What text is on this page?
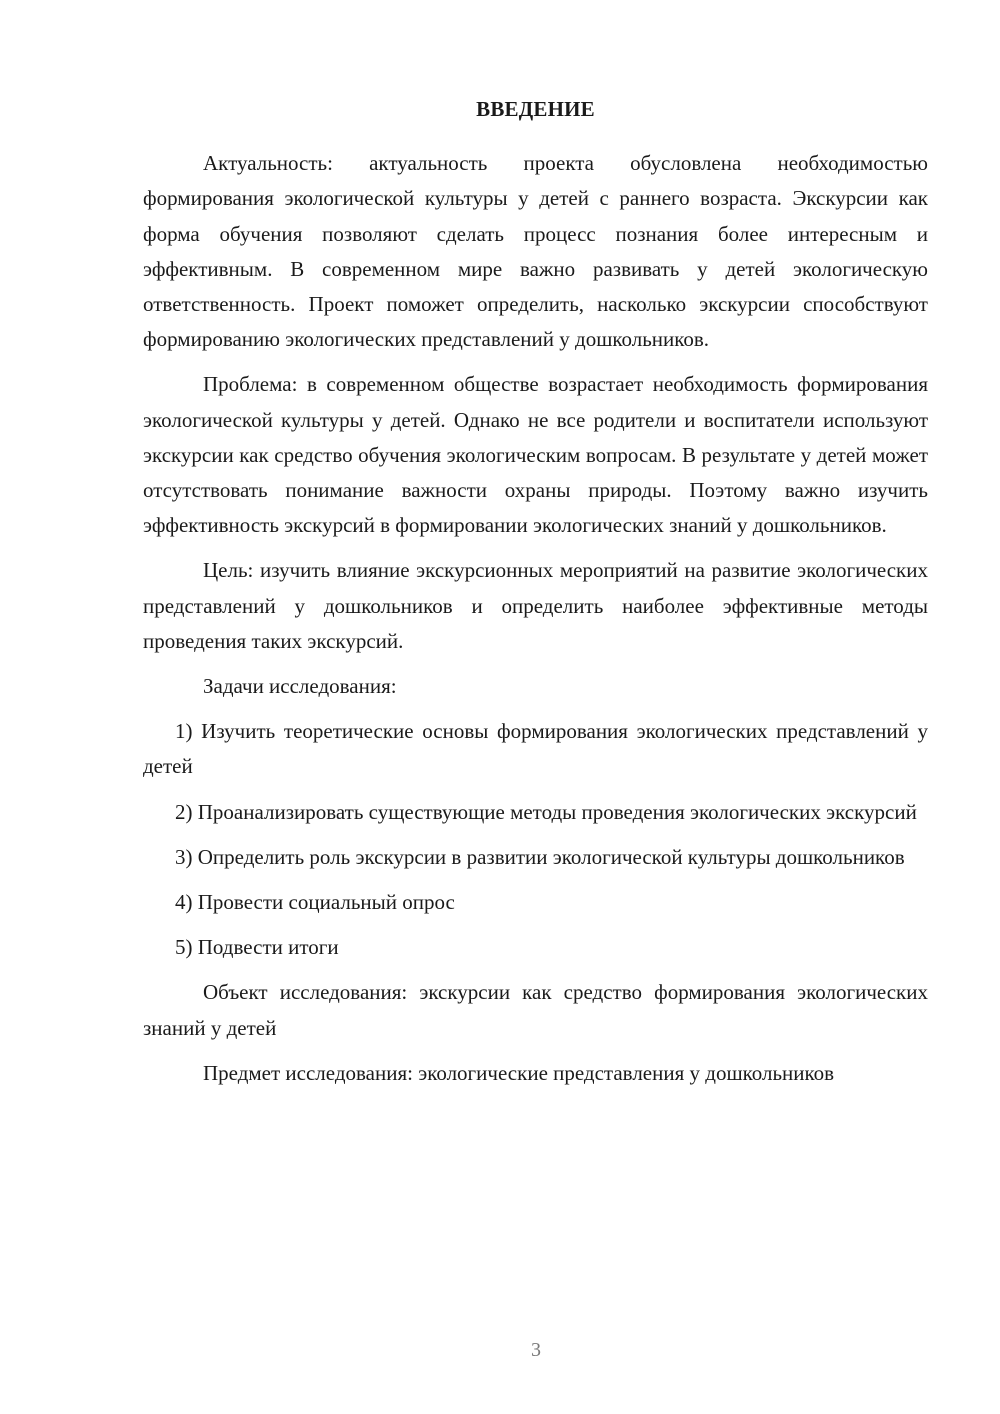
ВВЕДЕНИЕ

Актуальность: актуальность проекта обусловлена необходимостью формирования экологической культуры у детей с раннего возраста. Экскурсии как форма обучения позволяют сделать процесс познания более интересным и эффективным. В современном мире важно развивать у детей экологическую ответственность. Проект поможет определить, насколько экскурсии способствуют формированию экологических представлений у дошкольников.

Проблема: в современном обществе возрастает необходимость формирования экологической культуры у детей. Однако не все родители и воспитатели используют экскурсии как средство обучения экологическим вопросам. В результате у детей может отсутствовать понимание важности охраны природы. Поэтому важно изучить эффективность экскурсий в формировании экологических знаний у дошкольников.

Цель: изучить влияние экскурсионных мероприятий на развитие экологических представлений у дошкольников и определить наиболее эффективные методы проведения таких экскурсий.

Задачи исследования:

1) Изучить теоретические основы формирования экологических представлений у детей

2) Проанализировать существующие методы проведения экологических экскурсий

3) Определить роль экскурсии в развитии экологической культуры дошкольников

4) Провести социальный опрос

5) Подвести итоги

Объект исследования: экскурсии как средство формирования экологических знаний у детей

Предмет исследования: экологические представления у дошкольников

3
